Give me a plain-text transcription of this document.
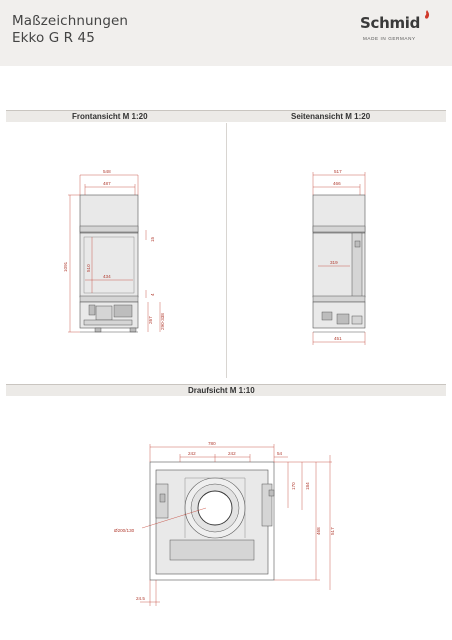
Maßzeichnungen
Ekko G R 45
Schmid
MADE IN GERMANY
Frontansicht M 1:20	Seitenansicht M 1:20
Draufsicht M 1:10
548
487
1091	510
434
15
4
267 290-338
517
466
319
451
780
242	242	54
170 184
468 517
Ø200/130
24.5
